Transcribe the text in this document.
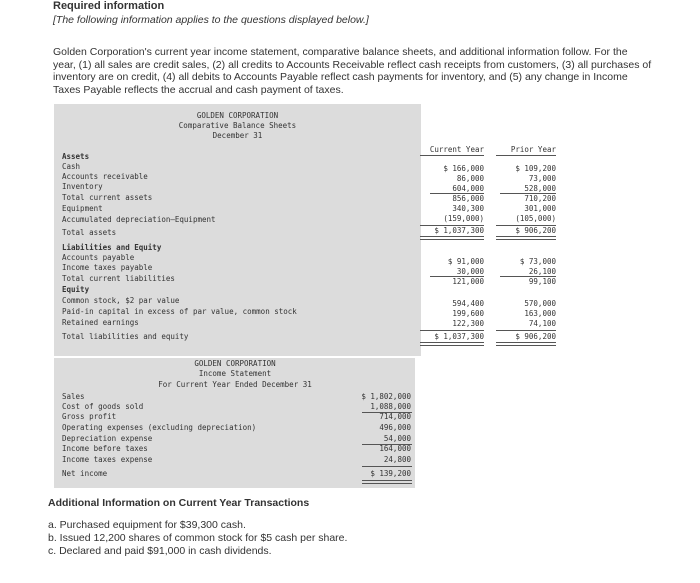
Required information
[The following information applies to the questions displayed below.]
Golden Corporation's current year income statement, comparative balance sheets, and additional information follow. For the year, (1) all sales are credit sales, (2) all credits to Accounts Receivable reflect cash receipts from customers, (3) all purchases of inventory are on credit, (4) all debits to Accounts Payable reflect cash payments for inventory, and (5) any change in Income Taxes Payable reflects the accrual and cash payment of taxes.
GOLDEN CORPORATION
Comparative Balance Sheets
December 31
Current Year	Prior Year
Assets
Cash
Accounts receivable
Inventory
Total current assets
Equipment
Accumulated depreciation—Equipment
Total assets
$ 166,000
86,000
604,000
856,000
340,300
(159,000)
$ 1,037,300
$ 109,200
73,000
528,000
710,200
301,000
(105,000)
$ 906,200
Liabilities and Equity
Accounts payable
Income taxes payable
Total current liabilities
$ 91,000
30,000
121,000
$ 73,000
26,100
99,100
Equity
Common stock, $2 par value
Paid-in capital in excess of par value, common stock
Retained earnings
Total liabilities and equity
594,400
199,600
122,300
$ 1,037,300
570,000
163,000
74,100
$ 906,200
GOLDEN CORPORATION
Income Statement
For Current Year Ended December 31
Sales
Cost of goods sold
Gross profit
Operating expenses (excluding depreciation)
Depreciation expense
Income before taxes
Income taxes expense
Net income
$ 1,802,000
1,088,000
714,000
496,000
54,000
164,000
24,800
$ 139,200
Additional Information on Current Year Transactions
a. Purchased equipment for $39,300 cash.
b. Issued 12,200 shares of common stock for $5 cash per share.
c. Declared and paid $91,000 in cash dividends.
